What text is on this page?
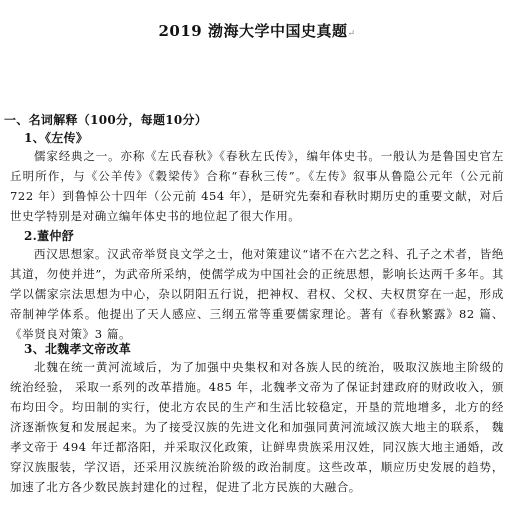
2019 渤海大学中国史真题↵
一、名词解释（100分，每题10分）
1、《左传》

儒家经典之一。亦称《左氏春秋》《春秋左氏传》，编年体史书。一般认为是鲁国史官左丘明所作，与《公羊传》《穀梁传》合称“春秋三传”。《左传》叙事从鲁隐公元年（公元前 722 年）到鲁悼公十四年（公元前 454 年），是研究先秦和春秋时期历史的重要文献，对后世史学特别是对确立编年体史书的地位起了很大作用。

2.董仲舒

西汉思想家。汉武帝举贤良文学之士，他对策建议“诸不在六艺之科、孔子之术者，皆绝其道，勿使并进”，为武帝所采纳，使儒学成为中国社会的正统思想，影响长达两千多年。其学以儒家宗法思想为中心，杂以阴阳五行说，把神权、君权、父权、夫权贯穿在一起，形成帝制神学体系。他提出了天人感应、三纲五常等重要儒家理论。著有《春秋繁露》82 篇、《举贤良对策》3 篇。

3、北魏孝文帝改革

北魏在统一黄河流域后，为了加强中央集权和对各族人民的统治，吸取汉族地主阶级的统治经验， 采取一系列的改革措施。485 年，北魏孝文帝为了保证封建政府的财政收入，颁布均田令。均田制的实行，使北方农民的生产和生活比较稳定，开垦的荒地增多，北方的经济逐渐恢复和发展起来。为了接受汉族的先进文化和加强同黄河流域汉族大地主的联系， 魏孝文帝于 494 年迁都洛阳，并采取汉化政策，让鲜卑贵族采用汉姓，同汉族大地主通婚，改穿汉族服装，学汉语，还采用汉族统治阶级的政治制度。这些改革，顺应历史发展的趋势，加速了北方各少数民族封建化的过程，促进了北方民族的大融合。
